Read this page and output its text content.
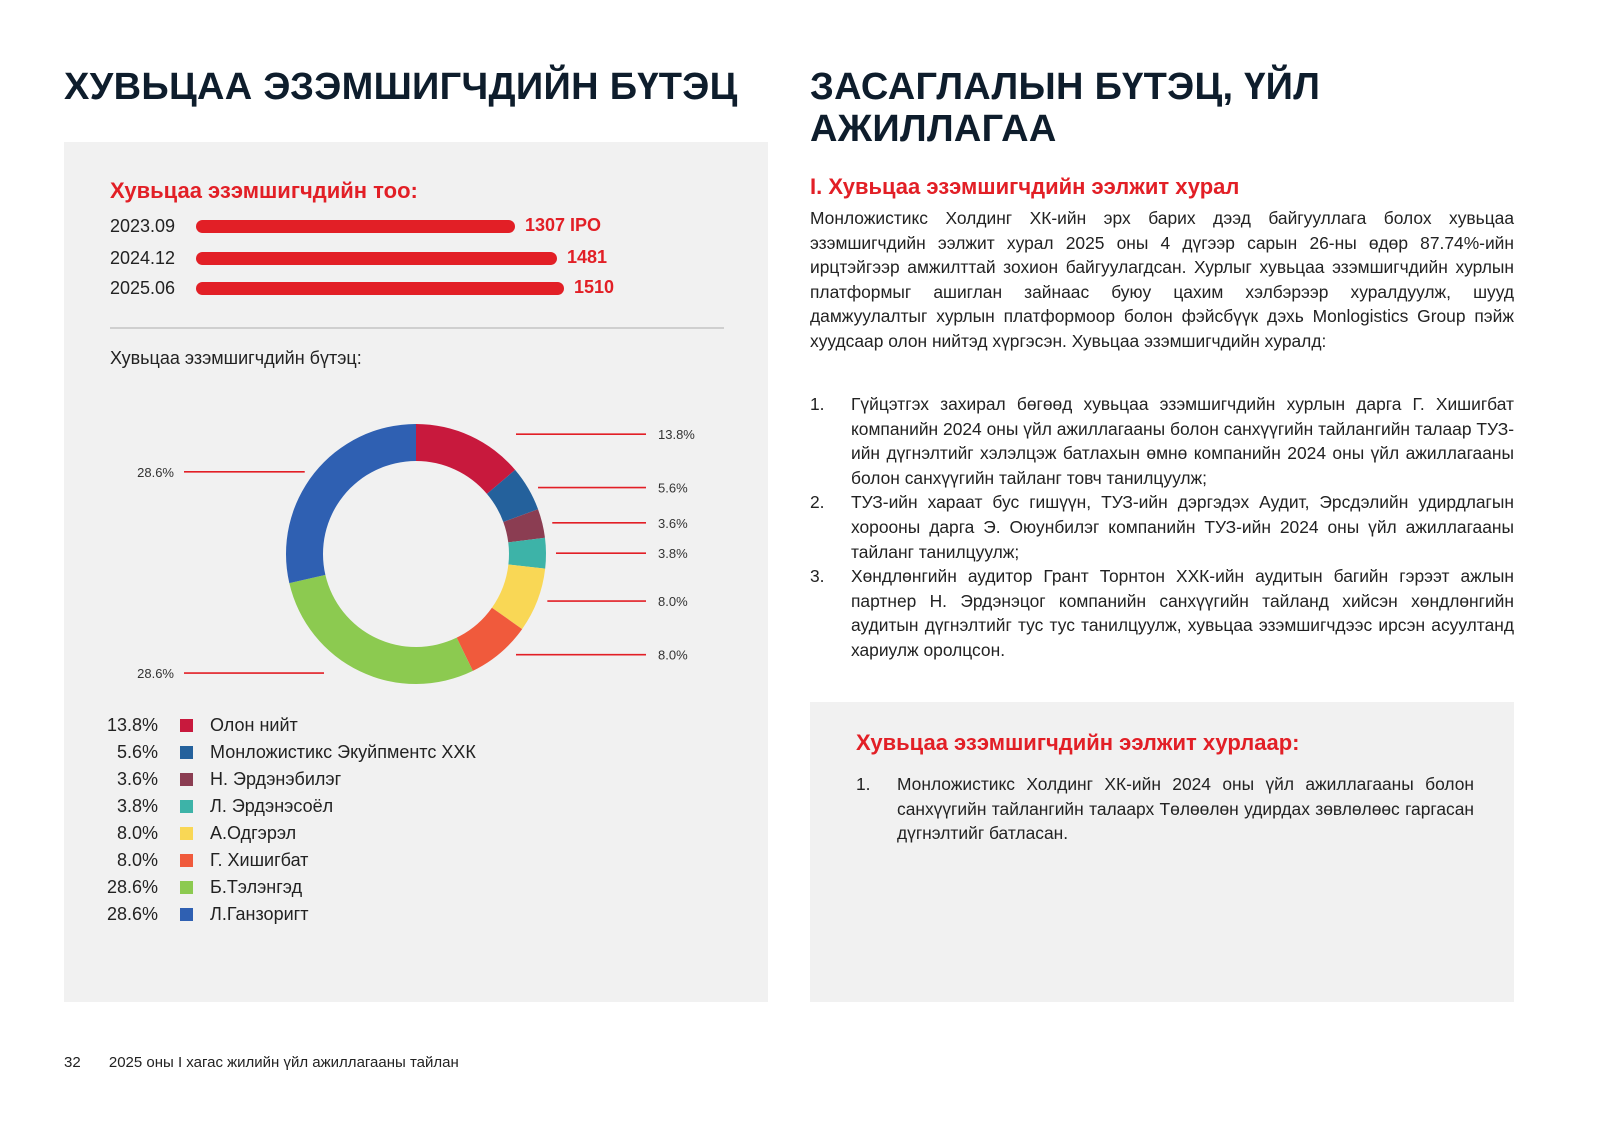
ХУВЬЦАА ЭЗЭМШИГЧДИЙН БҮТЭЦ	ЗАСАГЛАЛЫН БҮТЭЦ, ҮЙЛ АЖИЛЛАГАА
Хувьцаа эзэмшигчдийн тоо:
2023.09	1307 IPO
2024.12	1481
2025.06	1510
Хувьцаа эзэмшигчдийн бүтэц:
13.8%
5.6%
3.6%
3.8%
8.0%
8.0%
28.6%
28.6%
13.8%	Олон нийт
5.6%	Монложистикс Экуйпментс ХХК
3.6%	Н. Эрдэнэбилэг
3.8%	Л. Эрдэнэсоёл
8.0%	А.Одгэрэл
8.0%	Г. Хишигбат
28.6%	Б.Тэлэнгэд
28.6%	Л.Ганзоригт
I. Хувьцаа эзэмшигчдийн ээлжит хурал

Монложистикс Холдинг ХК-ийн эрх барих дээд байгууллага болох хувьцаа эзэмшигчдийн ээлжит хурал 2025 оны 4 дүгээр сарын 26-ны өдөр 87.74%-ийн ирцтэйгээр амжилттай зохион байгуулагдсан. Хурлыг хувьцаа эзэмшигчдийн хурлын платформыг ашиглан зайнаас буюу цахим хэлбэрээр хуралдуулж, шууд дамжуулалтыг хурлын платформоор болон фэйсбүүк дэхь Monlogistics Group пэйж хуудсаар олон нийтэд хүргэсэн. Хувьцаа эзэмшигчдийн хуралд:

1. Гүйцэтгэх захирал бөгөөд хувьцаа эзэмшигчдийн хурлын дарга Г. Хишигбат компанийн 2024 оны үйл ажиллагааны болон санхүүгийн тайлангийн талаар ТУЗ-ийн дүгнэлтийг хэлэлцэж батлахын өмнө компанийн 2024 оны үйл ажиллагааны болон санхүүгийн тайланг товч танилцуулж;
2. ТУЗ-ийн хараат бус гишүүн, ТУЗ-ийн дэргэдэх Аудит, Эрсдэлийн удирдлагын хорооны дарга Э. Оюунбилэг компанийн ТУЗ-ийн 2024 оны үйл ажиллагааны тайланг танилцуулж;
3. Хөндлөнгийн аудитор Грант Торнтон ХХК-ийн аудитын багийн гэрээт ажлын партнер Н. Эрдэнэцог компанийн санхүүгийн тайланд хийсэн хөндлөнгийн аудитын дүгнэлтийг тус тус танилцуулж, хувьцаа эзэмшигчдээс ирсэн асуултанд хариулж оролцсон.
Хувьцаа эзэмшигчдийн ээлжит хурлаар:
1. Монложистикс Холдинг ХК-ийн 2024 оны үйл ажиллагааны болон санхүүгийн тайлангийн талаарх Төлөөлөн удирдах зөвлөлөөс гаргасан дүгнэлтийг батласан.
32 2025 оны I хагас жилийн үйл ажиллагааны тайлан
